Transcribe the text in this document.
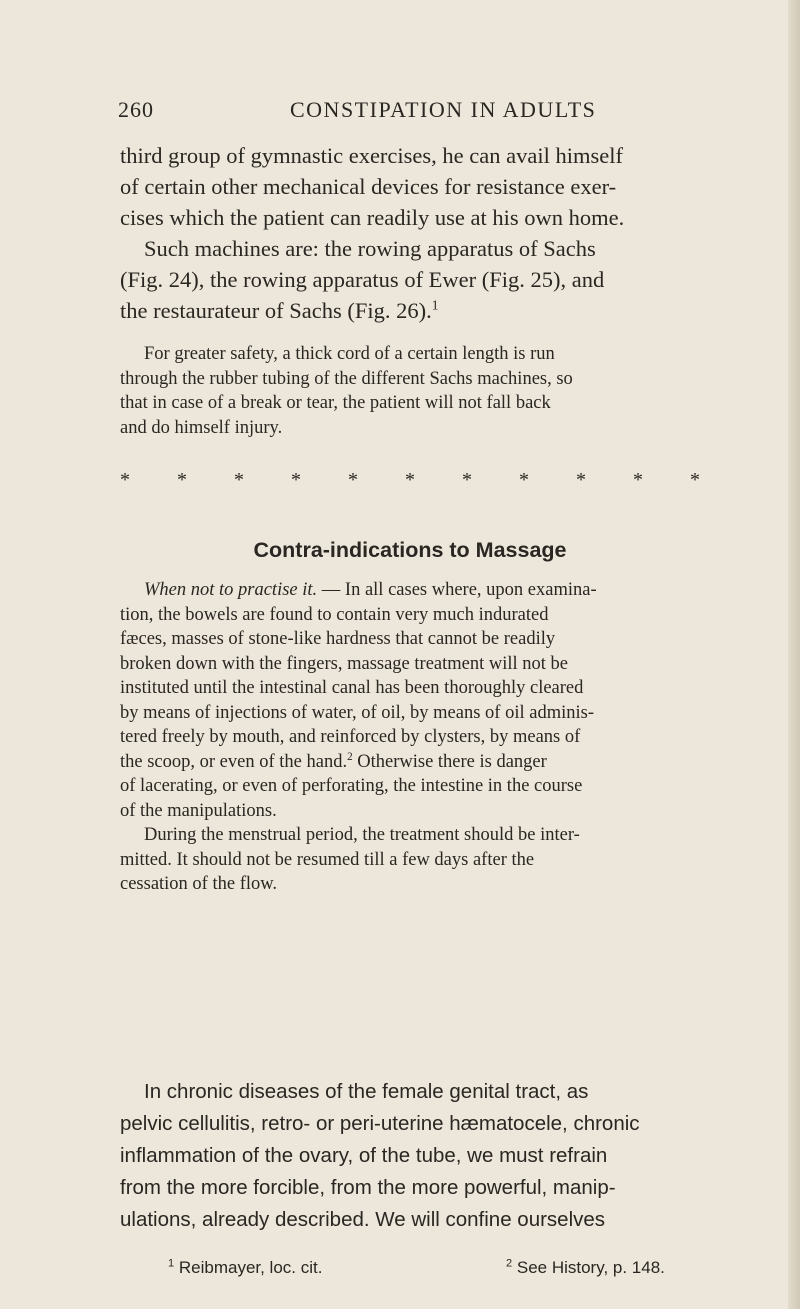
260	CONSTIPATION IN ADULTS

third group of gymnastic exercises, he can avail himself
of certain other mechanical devices for resistance exer-
cises which the patient can readily use at his own home.

Such machines are: the rowing apparatus of Sachs
(Fig. 24), the rowing apparatus of Ewer (Fig. 25), and
the restaurateur of Sachs (Fig. 26).$^1$

For greater safety, a thick cord of a certain length is run
through the rubber tubing of the different Sachs machines, so
that in case of a break or tear, the patient will not fall back
and do himself injury.

* * * * * * * * * * *
Contra-indications to Massage

When not to practise it. — In all cases where, upon examina-
tion, the bowels are found to contain very much indurated
fæces, masses of stone-like hardness that cannot be readily
broken down with the fingers, massage treatment will not be
instituted until the intestinal canal has been thoroughly cleared
by means of injections of water, of oil, by means of oil adminis-
tered freely by mouth, and reinforced by clysters, by means of
the scoop, or even of the hand.$^2$ Otherwise there is danger
of lacerating, or even of perforating, the intestine in the course
of the manipulations.

During the menstrual period, the treatment should be inter-
mitted. It should not be resumed till a few days after the
cessation of the flow.

In chronic diseases of the female genital tract, as
pelvic cellulitis, retro- or peri-uterine hæmatocele, chronic
inflammation of the ovary, of the tube, we must refrain
from the more forcible, from the more powerful, manip-
ulations, already described. We will confine ourselves

$^1$ Reibmayer, loc. cit.	$^2$ See History, p. 148.
